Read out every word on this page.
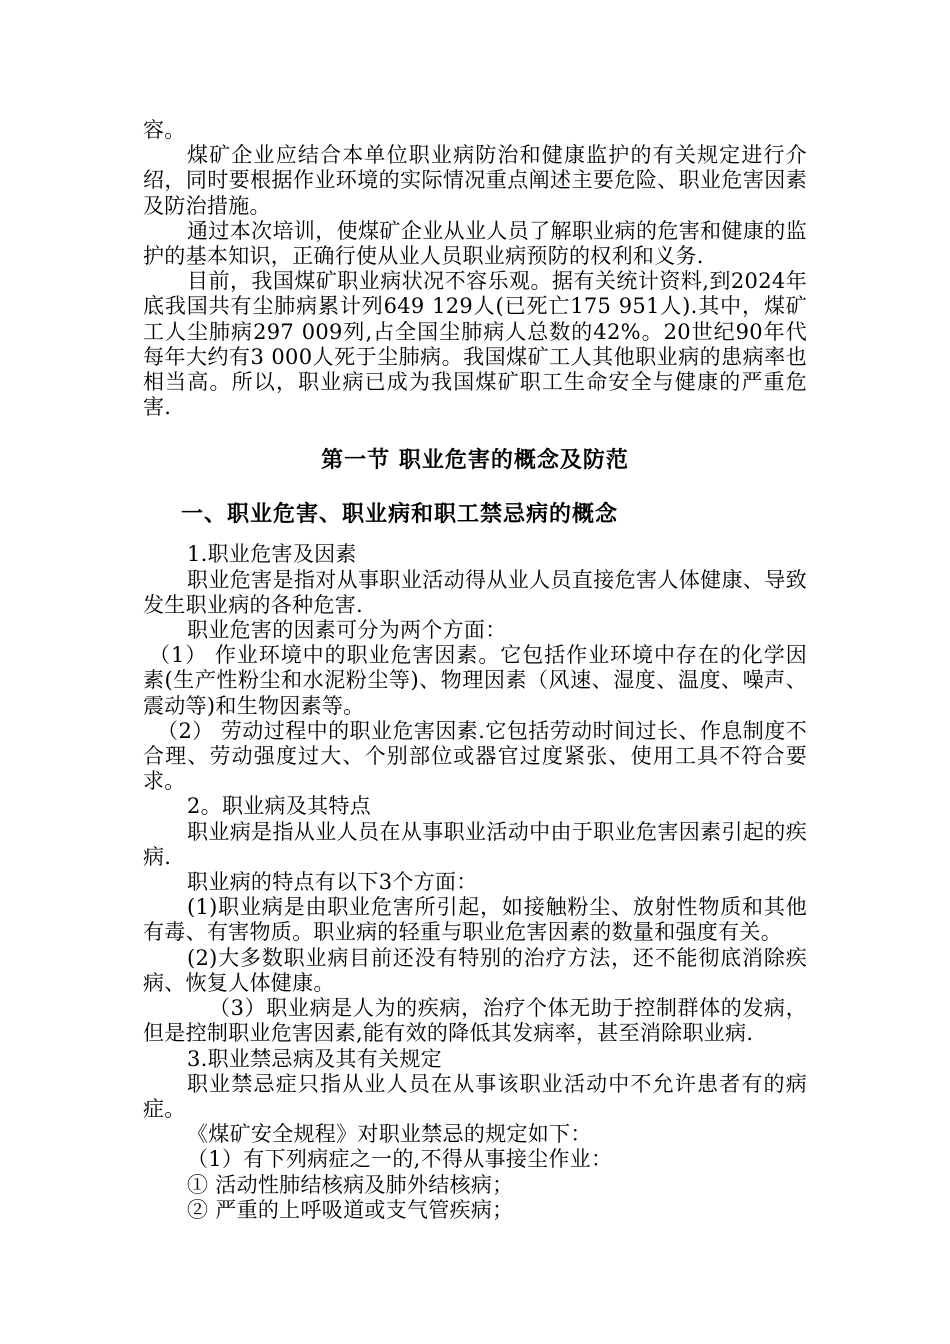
容。

煤矿企业应结合本单位职业病防治和健康监护的有关规定进行介绍，同时要根据作业环境的实际情况重点阐述主要危险、职业危害因素及防治措施。

通过本次培训，使煤矿企业从业人员了解职业病的危害和健康的监护的基本知识，正确行使从业人员职业病预防的权利和义务.

目前，我国煤矿职业病状况不容乐观。据有关统计资料,到2024年底我国共有尘肺病累计列649 129人(已死亡175 951人).其中，煤矿工人尘肺病297 009列,占全国尘肺病人总数的42%。20世纪90年代每年大约有3 000人死于尘肺病。我国煤矿工人其他职业病的患病率也相当高。所以，职业病已成为我国煤矿职工生命安全与健康的严重危害.

第一节 职业危害的概念及防范
一、职业危害、职业病和职工禁忌病的概念

1.职业危害及因素

职业危害是指对从事职业活动得从业人员直接危害人体健康、导致发生职业病的各种危害.

职业危害的因素可分为两个方面：

（1） 作业环境中的职业危害因素。它包括作业环境中存在的化学因素(生产性粉尘和水泥粉尘等)、物理因素（风速、湿度、温度、噪声、震动等)和生物因素等。

（2） 劳动过程中的职业危害因素.它包括劳动时间过长、作息制度不合理、劳动强度过大、个别部位或器官过度紧张、使用工具不符合要求。

2。职业病及其特点

职业病是指从业人员在从事职业活动中由于职业危害因素引起的疾病.

职业病的特点有以下3个方面：

(1)职业病是由职业危害所引起，如接触粉尘、放射性物质和其他有毒、有害物质。职业病的轻重与职业危害因素的数量和强度有关。

(2)大多数职业病目前还没有特别的治疗方法，还不能彻底消除疾病、恢复人体健康。

（3）职业病是人为的疾病，治疗个体无助于控制群体的发病，但是控制职业危害因素,能有效的降低其发病率，甚至消除职业病.

3.职业禁忌病及其有关规定

职业禁忌症只指从业人员在从事该职业活动中不允许患者有的病症。

《煤矿安全规程》对职业禁忌的规定如下：

（1）有下列病症之一的,不得从事接尘作业：

① 活动性肺结核病及肺外结核病；

② 严重的上呼吸道或支气管疾病；
